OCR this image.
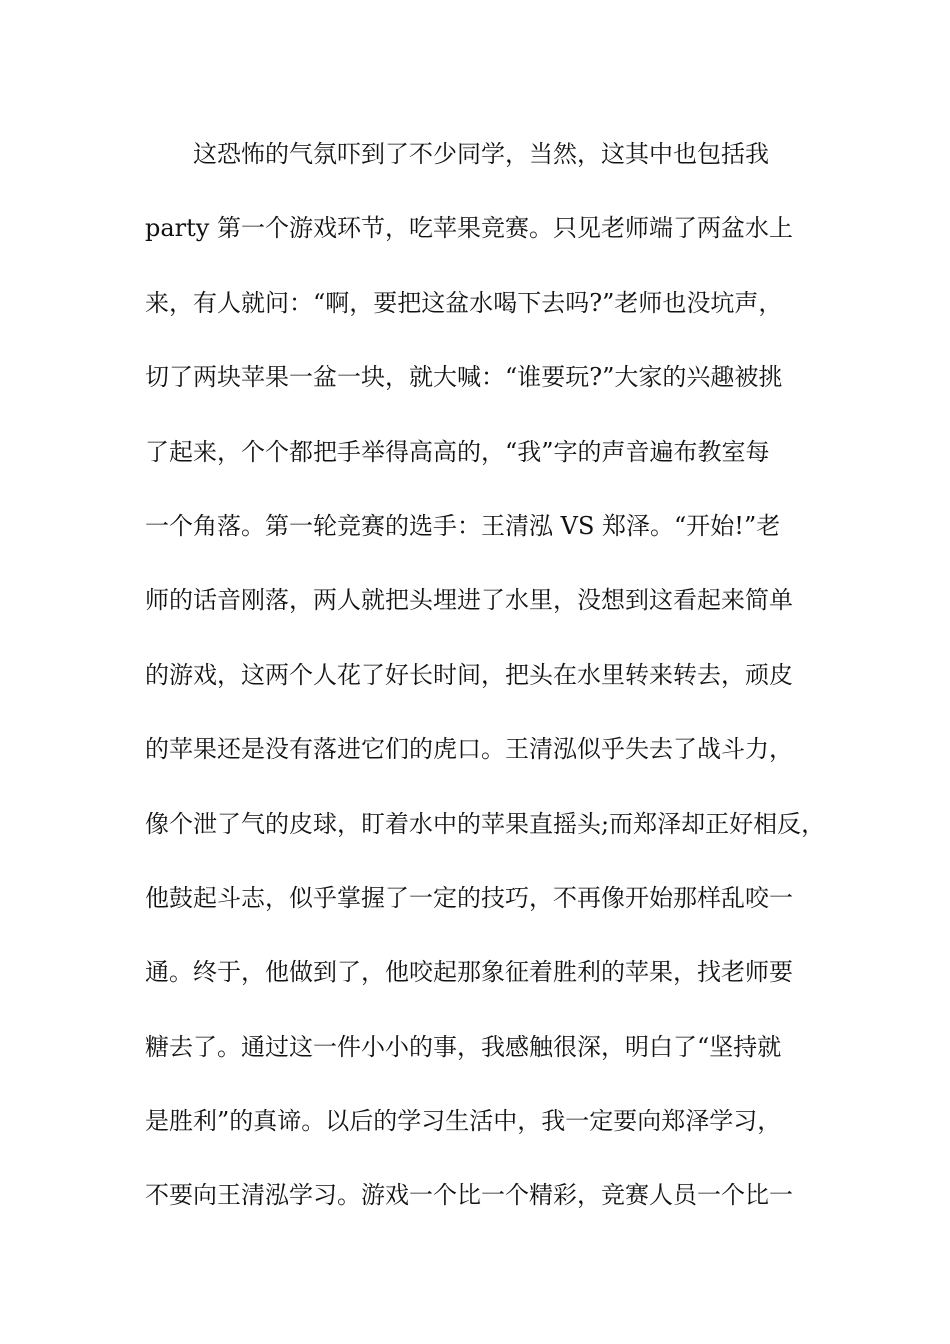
这恐怖的气氛吓到了不少同学，当然，这其中也包括我
party 第一个游戏环节，吃苹果竞赛。只见老师端了两盆水上
来，有人就问：“啊，要把这盆水喝下去吗?”老师也没坑声，
切了两块苹果一盆一块，就大喊：“谁要玩?”大家的兴趣被挑
了起来，个个都把手举得高高的，“我”字的声音遍布教室每
一个角落。第一轮竞赛的选手：王清泓 VS 郑泽。“开始!”老
师的话音刚落，两人就把头埋进了水里，没想到这看起来简单
的游戏，这两个人花了好长时间，把头在水里转来转去，顽皮
的苹果还是没有落进它们的虎口。王清泓似乎失去了战斗力，
像个泄了气的皮球，盯着水中的苹果直摇头;而郑泽却正好相反，
他鼓起斗志，似乎掌握了一定的技巧，不再像开始那样乱咬一
通。终于，他做到了，他咬起那象征着胜利的苹果，找老师要
糖去了。通过这一件小小的事，我感触很深，明白了“坚持就
是胜利”的真谛。以后的学习生活中，我一定要向郑泽学习，
不要向王清泓学习。游戏一个比一个精彩，竞赛人员一个比一
